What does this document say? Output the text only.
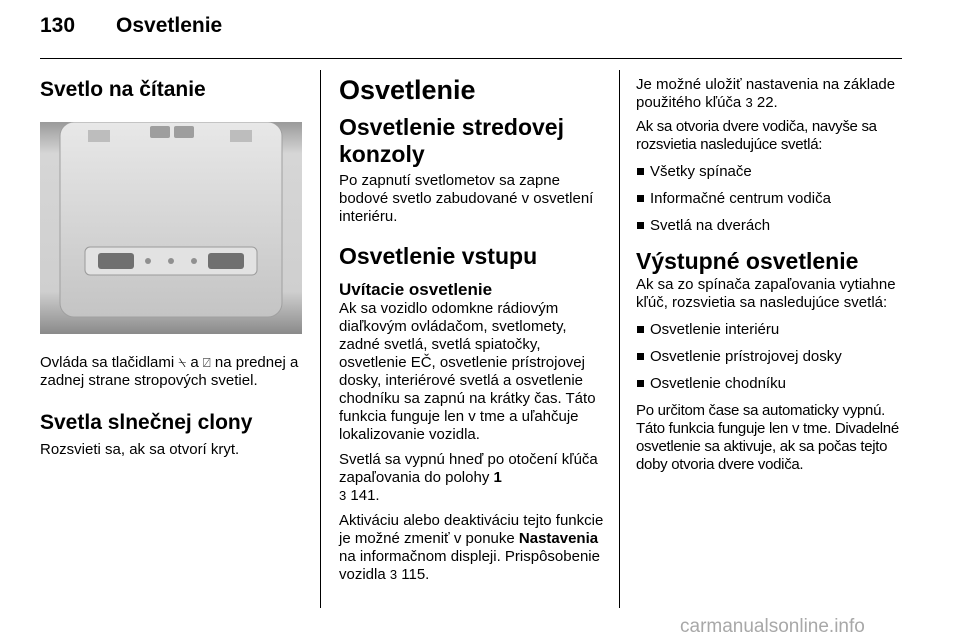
130	Osvetlenie
Svetlo na čítanie

Ovláda sa tlačidlami ⍀ a ⍁ na prednej a zadnej strane stropových svetiel.

Svetla slnečnej clony

Rozsvieti sa, ak sa otvorí kryt.

Osvetlenie
Osvetlenie stredovej konzoly

Po zapnutí svetlometov sa zapne bodové svetlo zabudované v osvetlení interiéru.

Osvetlenie vstupu
Uvítacie osvetlenie

Ak sa vozidlo odomkne rádiovým diaľkovým ovládačom, svetlomety, zadné svetlá, svetlá spiatočky, osvetlenie EČ, osvetlenie prístrojovej dosky, interiérové svetlá a osvetlenie chodníku sa zapnú na krátky čas. Táto funkcia funguje len v tme a uľahčuje lokalizovanie vozidla.

Svetlá sa vypnú hneď po otočení kľúča zapaľovania do polohy 1
3 141.

Aktiváciu alebo deaktiváciu tejto funkcie je možné zmeniť v ponuke Nastavenia na informačnom displeji. Prispôsobenie vozidla 3 115.

Je možné uložiť nastavenia na základe použitého kľúča 3 22.

Ak sa otvoria dvere vodiča, navyše sa rozsvietia nasledujúce svetlá:

Všetky spínače
Informačné centrum vodiča
Svetlá na dverách
Výstupné osvetlenie

Ak sa zo spínača zapaľovania vytiahne kľúč, rozsvietia sa nasledujúce svetlá:

Osvetlenie interiéru
Osvetlenie prístrojovej dosky
Osvetlenie chodníku

Po určitom čase sa automaticky vypnú. Táto funkcia funguje len v tme. Divadelné osvetlenie sa aktivuje, ak sa počas tejto doby otvoria dvere vodiča.

carmanualsonline.info
